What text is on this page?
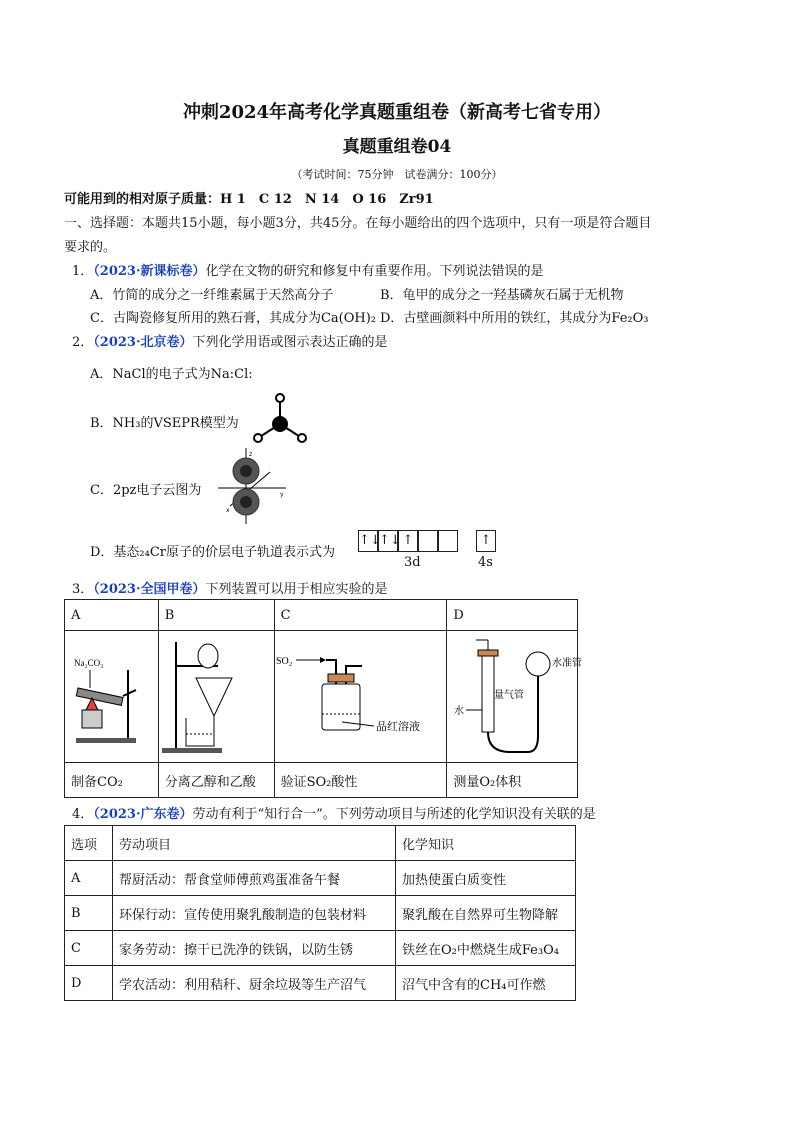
冲刺2024年高考化学真题重组卷（新高考七省专用）
真题重组卷04
（考试时间：75分钟　试卷满分：100分）
可能用到的相对原子质量：H 1　C 12　N 14　O 16　Zr91
一、选择题：本题共15小题，每小题3分，共45分。在每小题给出的四个选项中，只有一项是符合题目
要求的。
1．（2023·新课标卷）化学在文物的研究和修复中有重要作用。下列说法错误的是
A．竹简的成分之一纤维素属于天然高分子	B．龟甲的成分之一羟基磷灰石属于无机物
C．古陶瓷修复所用的熟石膏，其成分为Ca(OH)₂ D．古壁画颜料中所用的铁红，其成分为Fe₂O₃
2．（2023·北京卷）下列化学用语或图示表达正确的是
A．NaCl的电子式为Na:Cl:
B．NH₃的VSEPR模型为
C．2pz电子云图为
z
y
x
D．基态₂₄Cr原子的价层电子轨道表示式为
↑↓
↑↓ ↑	↑
3d	4s
3．（2023·全国甲卷）下列装置可以用于相应实验的是
A	B	C	D

制备CO₂	分离乙醇和乙酸	验证SO₂酸性	测量O₂体积
Na₂CO₃	SO₂
品红溶液
量气管
水
水准管
4．（2023·广东卷）劳动有利于“知行合一”。下列劳动项目与所述的化学知识没有关联的是
选项	劳动项目	化学知识
A	帮厨活动：帮食堂师傅煎鸡蛋准备午餐	加热使蛋白质变性
B	环保行动：宣传使用聚乳酸制造的包装材料	聚乳酸在自然界可生物降解
C	家务劳动：擦干已洗净的铁锅，以防生锈	铁丝在O₂中燃烧生成Fe₃O₄
D	学农活动：利用秸秆、厨余垃圾等生产沼气	沼气中含有的CH₄可作燃
